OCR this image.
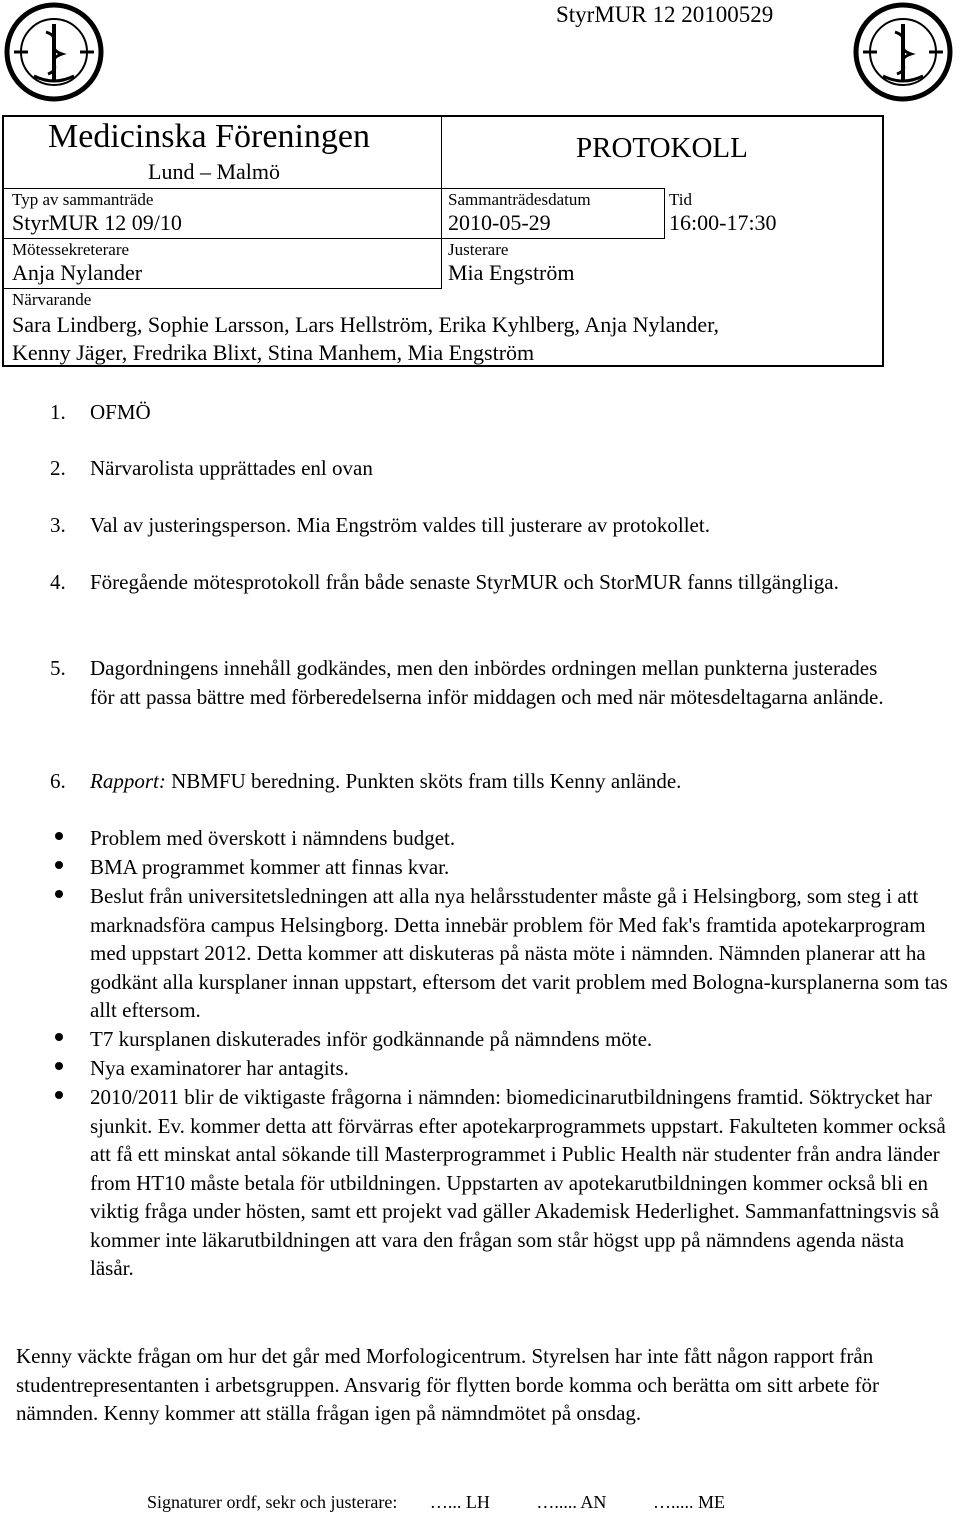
StyrMUR 12 20100529
Medicinska Föreningen
Lund – Malmö
PROTOKOLL
Typ av sammanträde
StyrMUR 12 09/10
Sammanträdesdatum
2010-05-29
Tid
16:00-17:30
Mötessekreterare
Anja Nylander
Justerare
Mia Engström
Närvarande
Sara Lindberg, Sophie Larsson, Lars Hellström, Erika Kyhlberg, Anja Nylander,
Kenny Jäger, Fredrika Blixt, Stina Manhem, Mia Engström
1. OFMÖ
2. Närvarolista upprättades enl ovan
3. Val av justeringsperson. Mia Engström valdes till justerare av protokollet.
4. Föregående mötesprotokoll från både senaste StyrMUR och StorMUR fanns tillgängliga.
5. Dagordningens innehåll godkändes, men den inbördes ordningen mellan punkterna justerades för att passa bättre med förberedelserna inför middagen och med när mötesdeltagarna anlände.
6. Rapport: NBMFU beredning. Punkten sköts fram tills Kenny anlände.
Problem med överskott i nämndens budget.
BMA programmet kommer att finnas kvar.
Beslut från universitetsledningen att alla nya helårsstudenter måste gå i Helsingborg, som steg i att marknadsföra campus Helsingborg. Detta innebär problem för Med fak's framtida apotekarprogram med uppstart 2012. Detta kommer att diskuteras på nästa möte i nämnden. Nämnden planerar att ha godkänt alla kursplaner innan uppstart, eftersom det varit problem med Bologna-kursplanerna som tas allt eftersom.
T7 kursplanen diskuterades inför godkännande på nämndens möte.
Nya examinatorer har antagits.
2010/2011 blir de viktigaste frågorna i nämnden: biomedicinarutbildningens framtid. Söktrycket har sjunkit. Ev. kommer detta att förvärras efter apotekarprogrammets uppstart. Fakulteten kommer också att få ett minskat antal sökande till Masterprogrammet i Public Health när studenter från andra länder from HT10 måste betala för utbildningen. Uppstarten av apotekarutbildningen kommer också bli en viktig fråga under hösten, samt ett projekt vad gäller Akademisk Hederlighet. Sammanfattningsvis så kommer inte läkarutbildningen att vara den frågan som står högst upp på nämndens agenda nästa läsår.
Kenny väckte frågan om hur det går med Morfologicentrum. Styrelsen har inte fått någon rapport från studentrepresentanten i arbetsgruppen. Ansvarig för flytten borde komma och berätta om sitt arbete för nämnden. Kenny kommer att ställa frågan igen på nämndmötet på onsdag.
Signaturer ordf, sekr och justerare: …... LH	…..... AN	…..... ME
